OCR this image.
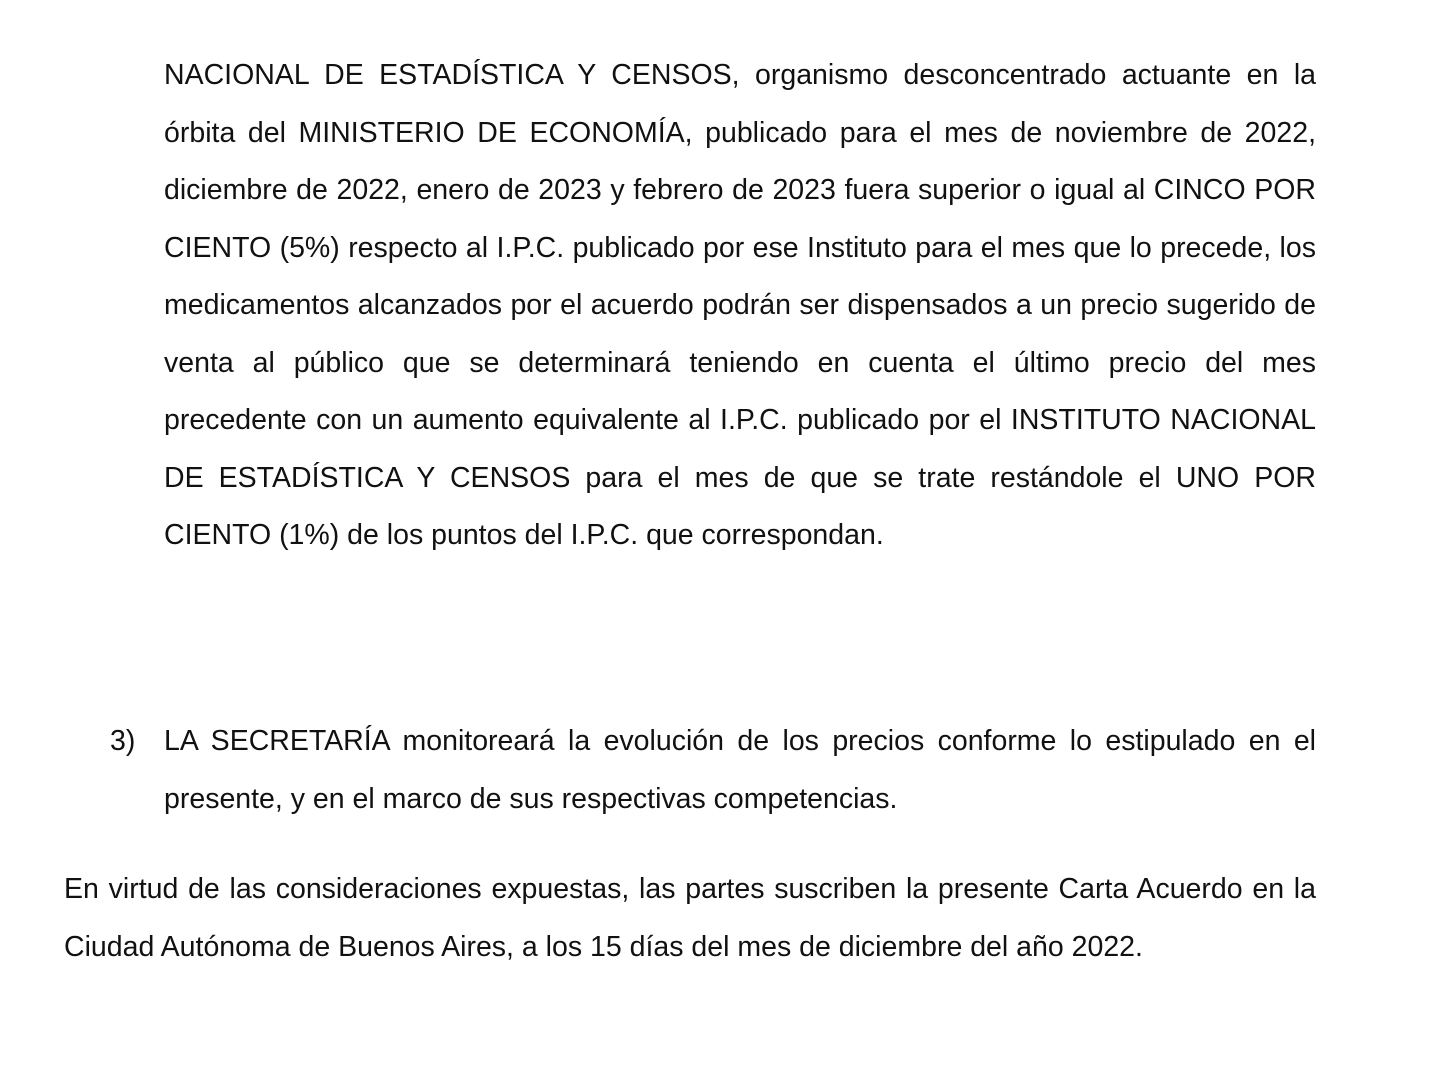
NACIONAL DE ESTADÍSTICA Y CENSOS, organismo desconcentrado actuante en la órbita del MINISTERIO DE ECONOMÍA, publicado para el mes de noviembre de 2022, diciembre de 2022, enero de 2023 y febrero de 2023 fuera superior o igual al CINCO POR CIENTO (5%) respecto al I.P.C. publicado por ese Instituto para el mes que lo precede, los medicamentos alcanzados por el acuerdo podrán ser dispensados a un precio sugerido de venta al público que se determinará teniendo en cuenta el último precio del mes precedente con un aumento equivalente al I.P.C. publicado por el INSTITUTO NACIONAL DE ESTADÍSTICA Y CENSOS para el mes de que se trate restándole el UNO POR CIENTO (1%) de los puntos del I.P.C. que correspondan.

3)	LA SECRETARÍA monitoreará la evolución de los precios conforme lo estipulado en el presente, y en el marco de sus respectivas competencias.

En virtud de las consideraciones expuestas, las partes suscriben la presente Carta Acuerdo en la Ciudad Autónoma de Buenos Aires, a los 15 días del mes de diciembre del año 2022.
